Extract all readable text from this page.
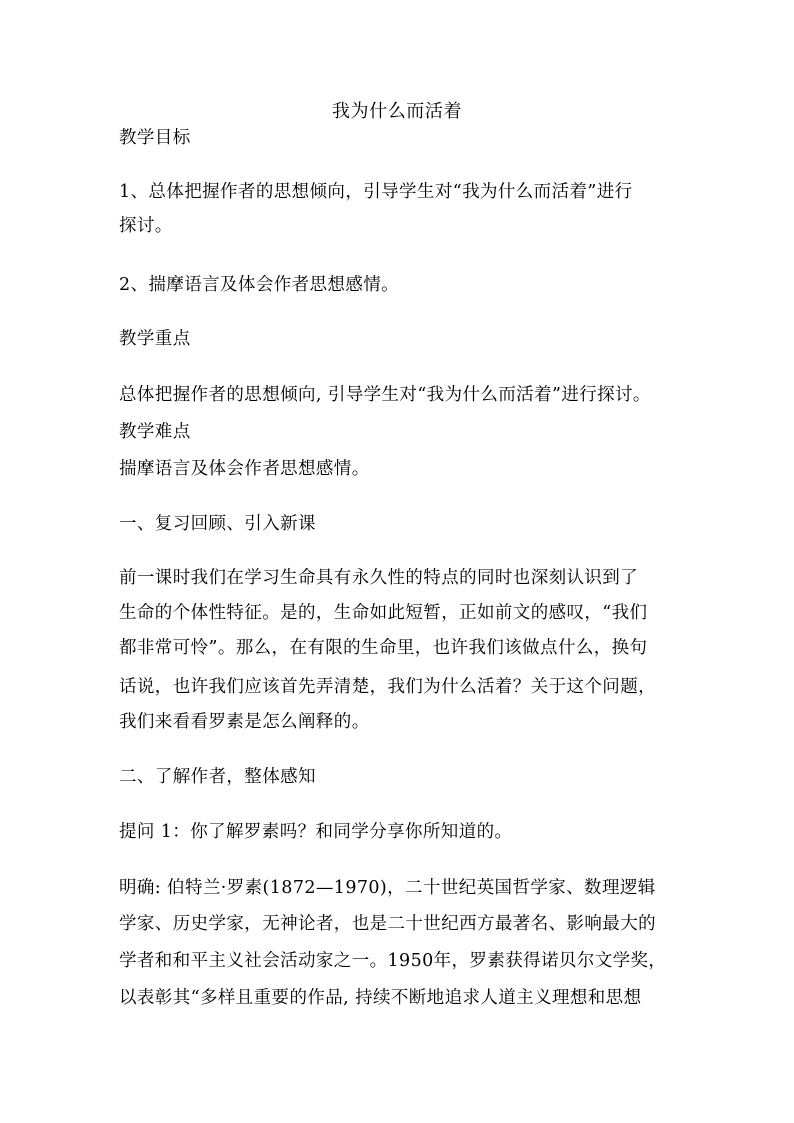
我为什么而活着
教学目标
1、总体把握作者的思想倾向，引导学生对“我为什么而活着”进行
探讨。
2、揣摩语言及体会作者思想感情。
教学重点
总体把握作者的思想倾向, 引导学生对“我为什么而活着”进行探讨。
教学难点
揣摩语言及体会作者思想感情。
一、复习回顾、引入新课
前一课时我们在学习生命具有永久性的特点的同时也深刻认识到了
生命的个体性特征。是的，生命如此短暂，正如前文的感叹，“我们
都非常可怜”。那么，在有限的生命里，也许我们该做点什么，换句
话说，也许我们应该首先弄清楚，我们为什么活着？关于这个问题，
我们来看看罗素是怎么阐释的。
二、了解作者，整体感知
提问 1：你了解罗素吗？和同学分享你所知道的。
明确: 伯特兰·罗素(1872—1970)，二十世纪英国哲学家、数理逻辑
学家、历史学家，无神论者，也是二十世纪西方最著名、影响最大的
学者和和平主义社会活动家之一。1950年，罗素获得诺贝尔文学奖，
以表彰其“多样且重要的作品, 持续不断地追求人道主义理想和思想
